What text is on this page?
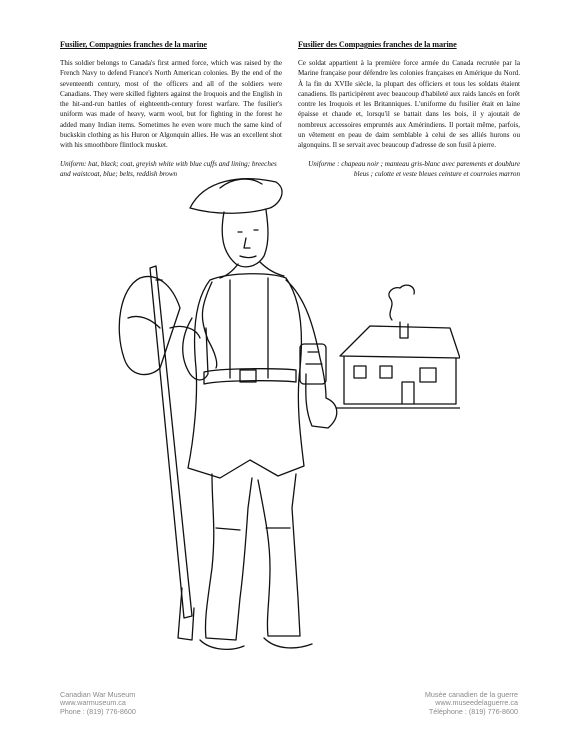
Fusilier, Compagnies franches de la marine

This soldier belongs to Canada's first armed force, which was raised by the French Navy to defend France's North American colonies. By the end of the seventeenth century, most of the officers and all of the soldiers were Canadians. They were skilled fighters against the Iroquois and the English in the hit-and-run battles of eighteenth-century forest warfare. The fusilier's uniform was made of heavy, warm wool, but for fighting in the forest he added many Indian items. Sometimes he even wore much the same kind of buckskin clothing as his Huron or Algonquin allies. He was an excellent shot with his smoothbore flintlock musket.

Uniform: hat, black; coat, greyish white with blue cuffs and lining; breeches and waistcoat, blue; belts, reddish brown

Fusilier des Compagnies franches de la marine

Ce soldat appartient à la première force armée du Canada recrutée par la Marine française pour défendre les colonies françaises en Amérique du Nord. À la fin du XVIIe siècle, la plupart des officiers et tous les soldats étaient canadiens. Ils participèrent avec beaucoup d'habileté aux raids lancés en forêt contre les Iroquois et les Britanniques. L'uniforme du fusilier était en laine épaisse et chaude et, lorsqu'il se battait dans les bois, il y ajoutait de nombreux accessoires empruntés aux Amérindiens. Il portait même, parfois, un vêtement en peau de daim semblable à celui de ses alliés hurons ou algonquins. Il se servait avec beaucoup d'adresse de son fusil à pierre.

Uniforme : chapeau noir ; manteau gris-blanc avec parements et doublure bleus ; culotte et veste bleues ceinture et courroies marron

Canadian War Museum
www.warmuseum.ca
Phone : (819) 776-8600
Musée canadien de la guerre
www.museedelaguerre.ca
Téléphone : (819) 776-8600
